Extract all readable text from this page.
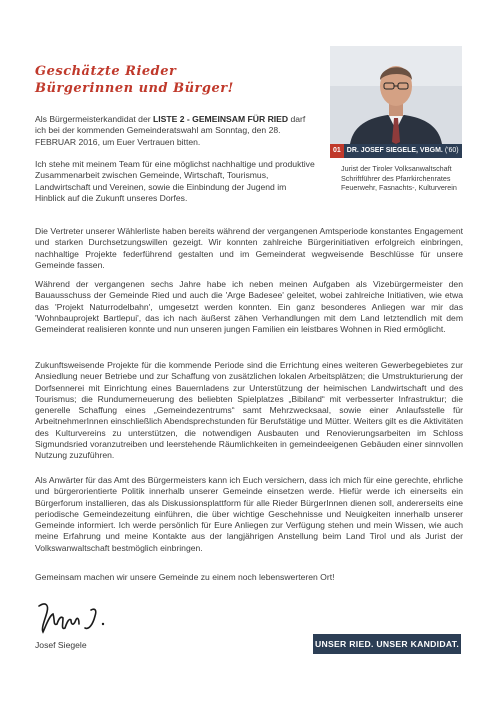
Geschätzte Rieder
Bürgerinnen und Bürger!
Als Bürgermeisterkandidat der LISTE 2 - GEMEINSAM FÜR RIED darf ich bei der kommenden Gemeinderatswahl am Sonntag, den 28. FEBRUAR 2016, um Euer Vertrauen bitten.
Ich stehe mit meinem Team für eine möglichst nachhaltige und produktive Zusammenarbeit zwischen Gemeinde, Wirtschaft, Tourismus, Landwirtschaft und Vereinen, sowie die Einbindung der Jugend im Hinblick auf die Zukunft unseres Dorfes.
01 DR. JOSEF SIEGELE, VBGM. ('60)
Jurist der Tiroler Volksanwaltschaft
Schriftführer des Pfarrkirchenrates
Feuerwehr, Fasnachts-, Kulturverein
Die Vertreter unserer Wählerliste haben bereits während der vergangenen Amtsperiode konstantes Engagement und starken Durchsetzungswillen gezeigt. Wir konnten zahlreiche Bürgerinitiativen erfolgreich einbringen, nachhaltige Projekte federführend gestalten und im Gemeinderat wegweisende Beschlüsse für unsere Gemeinde fassen.
Während der vergangenen sechs Jahre habe ich neben meinen Aufgaben als Vizebürgermeister den Bauausschuss der Gemeinde Ried und auch die 'Arge Badesee' geleitet, wobei zahlreiche Initiativen, wie etwa das 'Projekt Naturrodelbahn', umgesetzt werden konnten. Ein ganz besonderes Anliegen war mir das 'Wohnbauprojekt Bartlepui', das ich nach äußerst zähen Verhandlungen mit dem Land letztendlich mit dem Gemeinderat realisieren konnte und nun unseren jungen Familien ein leistbares Wohnen in Ried ermöglicht.
Zukunftsweisende Projekte für die kommende Periode sind die Errichtung eines weiteren Gewerbegebietes zur Ansiedlung neuer Betriebe und zur Schaffung von zusätzlichen lokalen Arbeitsplätzen; die Umstrukturierung der Dorfsennerei mit Einrichtung eines Bauernladens zur Unterstützung der heimischen Landwirtschaft und des Tourismus; die Rundumerneuerung des beliebten Spielplatzes „Bibiland“ mit verbesserter Infrastruktur; die generelle Schaffung eines „Gemeindezentrums“ samt Mehrzwecksaal, sowie einer Anlaufsstelle für ArbeitnehmerInnen einschließlich Abendsprechstunden für Berufstätige und Mütter. Weiters gilt es die Aktivitäten des Kulturvereins zu unterstützen, die notwendigen Ausbauten und Renovierungsarbeiten im Schloss Sigmundsried voranzutreiben und leerstehende Räumlichkeiten in gemeindeeigenen Gebäuden einer sinnvollen Nutzung zuzuführen.
Als Anwärter für das Amt des Bürgermeisters kann ich Euch versichern, dass ich mich für eine gerechte, ehrliche und bürgerorientierte Politik innerhalb unserer Gemeinde einsetzen werde. Hiefür werde ich einerseits ein Bürgerforum installieren, das als Diskussionsplattform für alle Rieder BürgerInnen dienen soll, andererseits eine periodische Gemeindezeitung einführen, die über wichtige Geschehnisse und Neuigkeiten innerhalb unserer Gemeinde informiert. Ich werde persönlich für Eure Anliegen zur Verfügung stehen und mein Wissen, wie auch meine Erfahrung und meine Kontakte aus der langjährigen Anstellung beim Land Tirol und als Jurist der Volkswanwaltschaft bestmöglich einbringen.
Gemeinsam machen wir unsere Gemeinde zu einem noch lebenswerteren Ort!
Josef Siegele	UNSER RIED. UNSER KANDIDAT.
